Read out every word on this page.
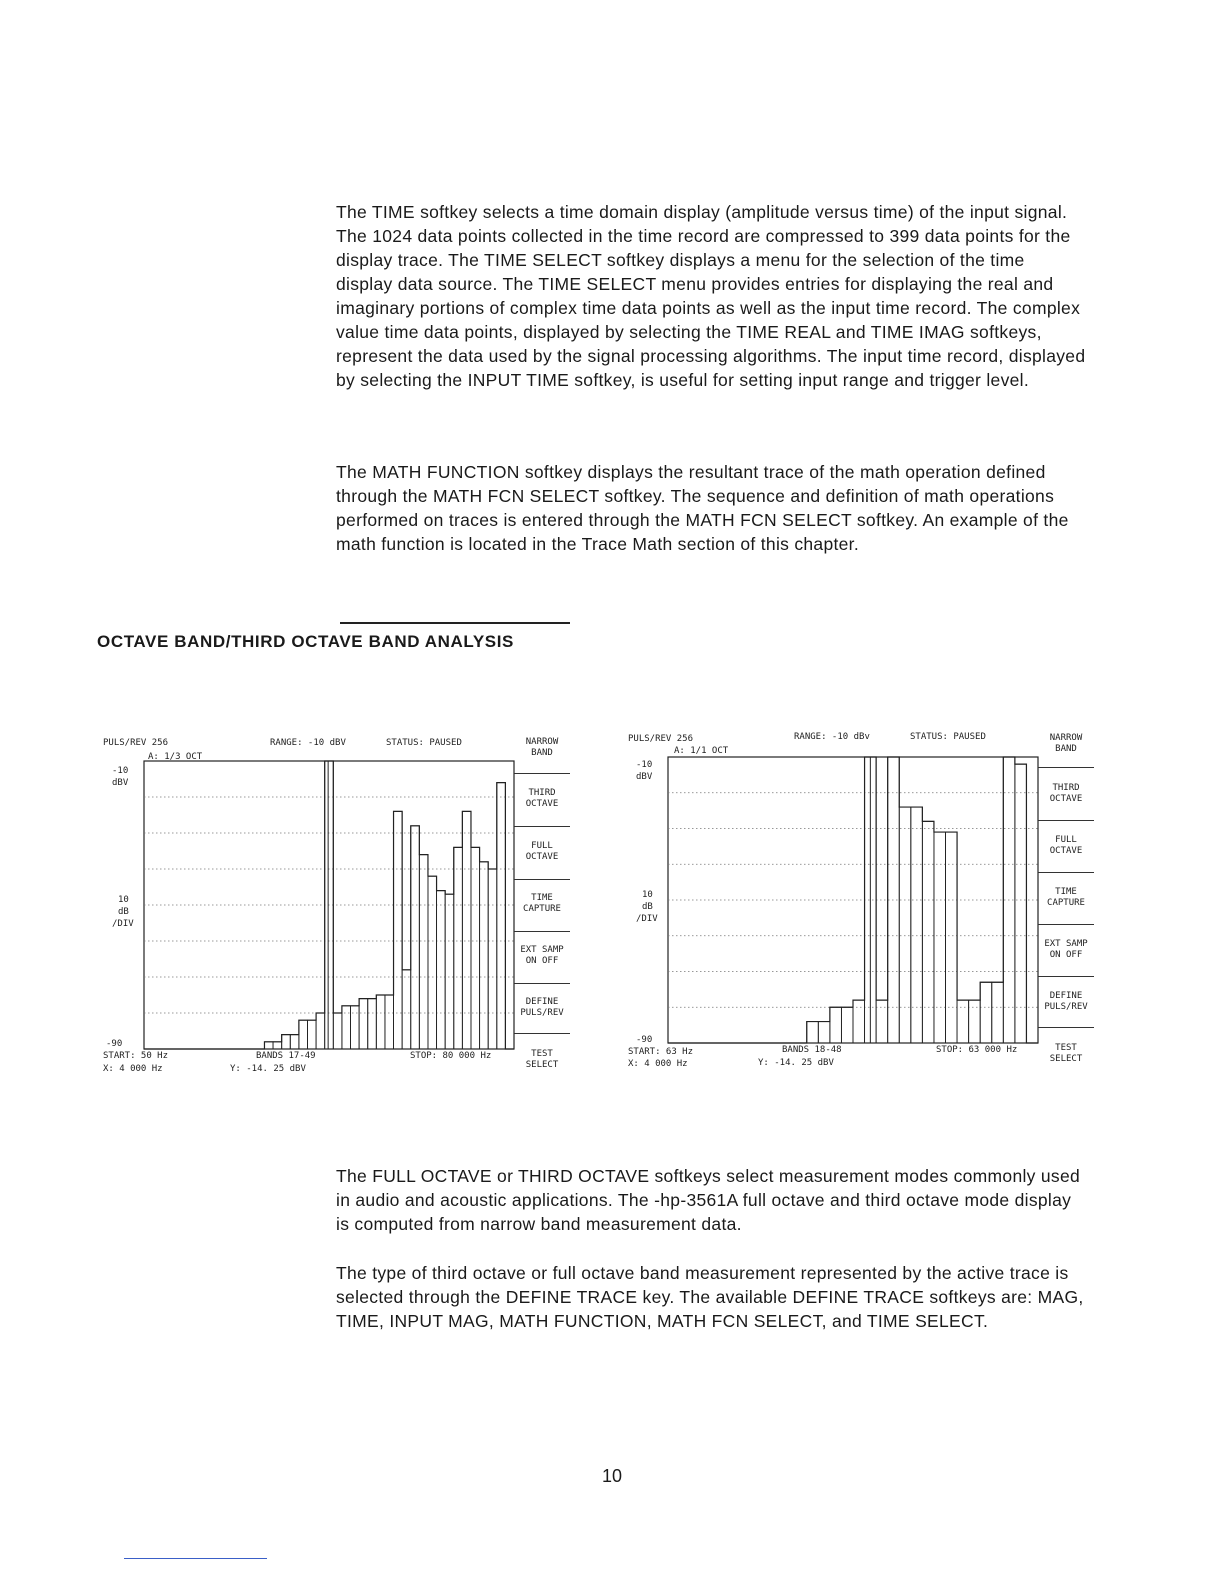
The TIME softkey selects a time domain display (amplitude versus time) of the input signal. The 1024 data points collected in the time record are compressed to 399 data points for the display trace. The TIME SELECT softkey displays a menu for the selection of the time display data source. The TIME SELECT menu provides entries for displaying the real and imaginary portions of complex time data points as well as the input time record. The complex value time data points, displayed by selecting the TIME REAL and TIME IMAG softkeys, represent the data used by the signal processing algorithms. The input time record, displayed by selecting the INPUT TIME softkey, is useful for setting input range and trigger level.

The MATH FUNCTION softkey displays the resultant trace of the math operation defined through the MATH FCN SELECT softkey. The sequence and definition of math operations performed on traces is entered through the MATH FCN SELECT softkey. An example of the math function is located in the Trace Math section of this chapter.

OCTAVE BAND/THIRD OCTAVE BAND ANALYSIS
PULS/REV 256
A: 1/3 OCT
RANGE: -10 dBV	STATUS: PAUSED
-10
dBV
10
dB
/DIV
-90
START: 50 Hz	BANDS 17-49	STOP: 80 000 Hz
X: 4 000 Hz	Y: -14. 25 dBV
NARROW
BAND
THIRD
OCTAVE
FULL
OCTAVE
TIME
CAPTURE
EXT SAMP
ON OFF
DEFINE
PULS/REV
TEST
SELECT
PULS/REV 256
A: 1/1 OCT
RANGE: -10 dBv	STATUS: PAUSED
-10
dBV
10
dB
/DIV
-90
START: 63 Hz	BANDS 18-48	STOP: 63 000 Hz
X: 4 000 Hz	Y: -14. 25 dBV
NARROW
BAND
THIRD
OCTAVE
FULL
OCTAVE
TIME
CAPTURE
EXT SAMP
ON OFF
DEFINE
PULS/REV
TEST
SELECT

The FULL OCTAVE or THIRD OCTAVE softkeys select measurement modes commonly used in audio and acoustic applications. The -hp-3561A full octave and third octave mode display is computed from narrow band measurement data.

The type of third octave or full octave band measurement represented by the active trace is selected through the DEFINE TRACE key. The available DEFINE TRACE softkeys are: MAG, TIME, INPUT MAG, MATH FUNCTION, MATH FCN SELECT, and TIME SELECT.

10
